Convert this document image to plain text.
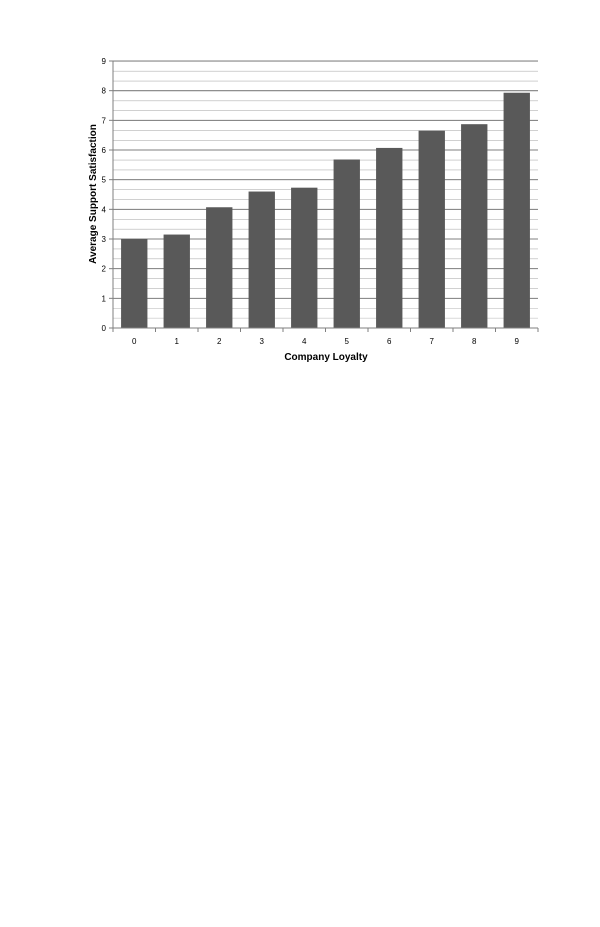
0
1
2
3
4
5
6
7
8
9
0	1	2	3	4	5	6	7	8	9
Company Loyalty
Average Support Satisfaction
